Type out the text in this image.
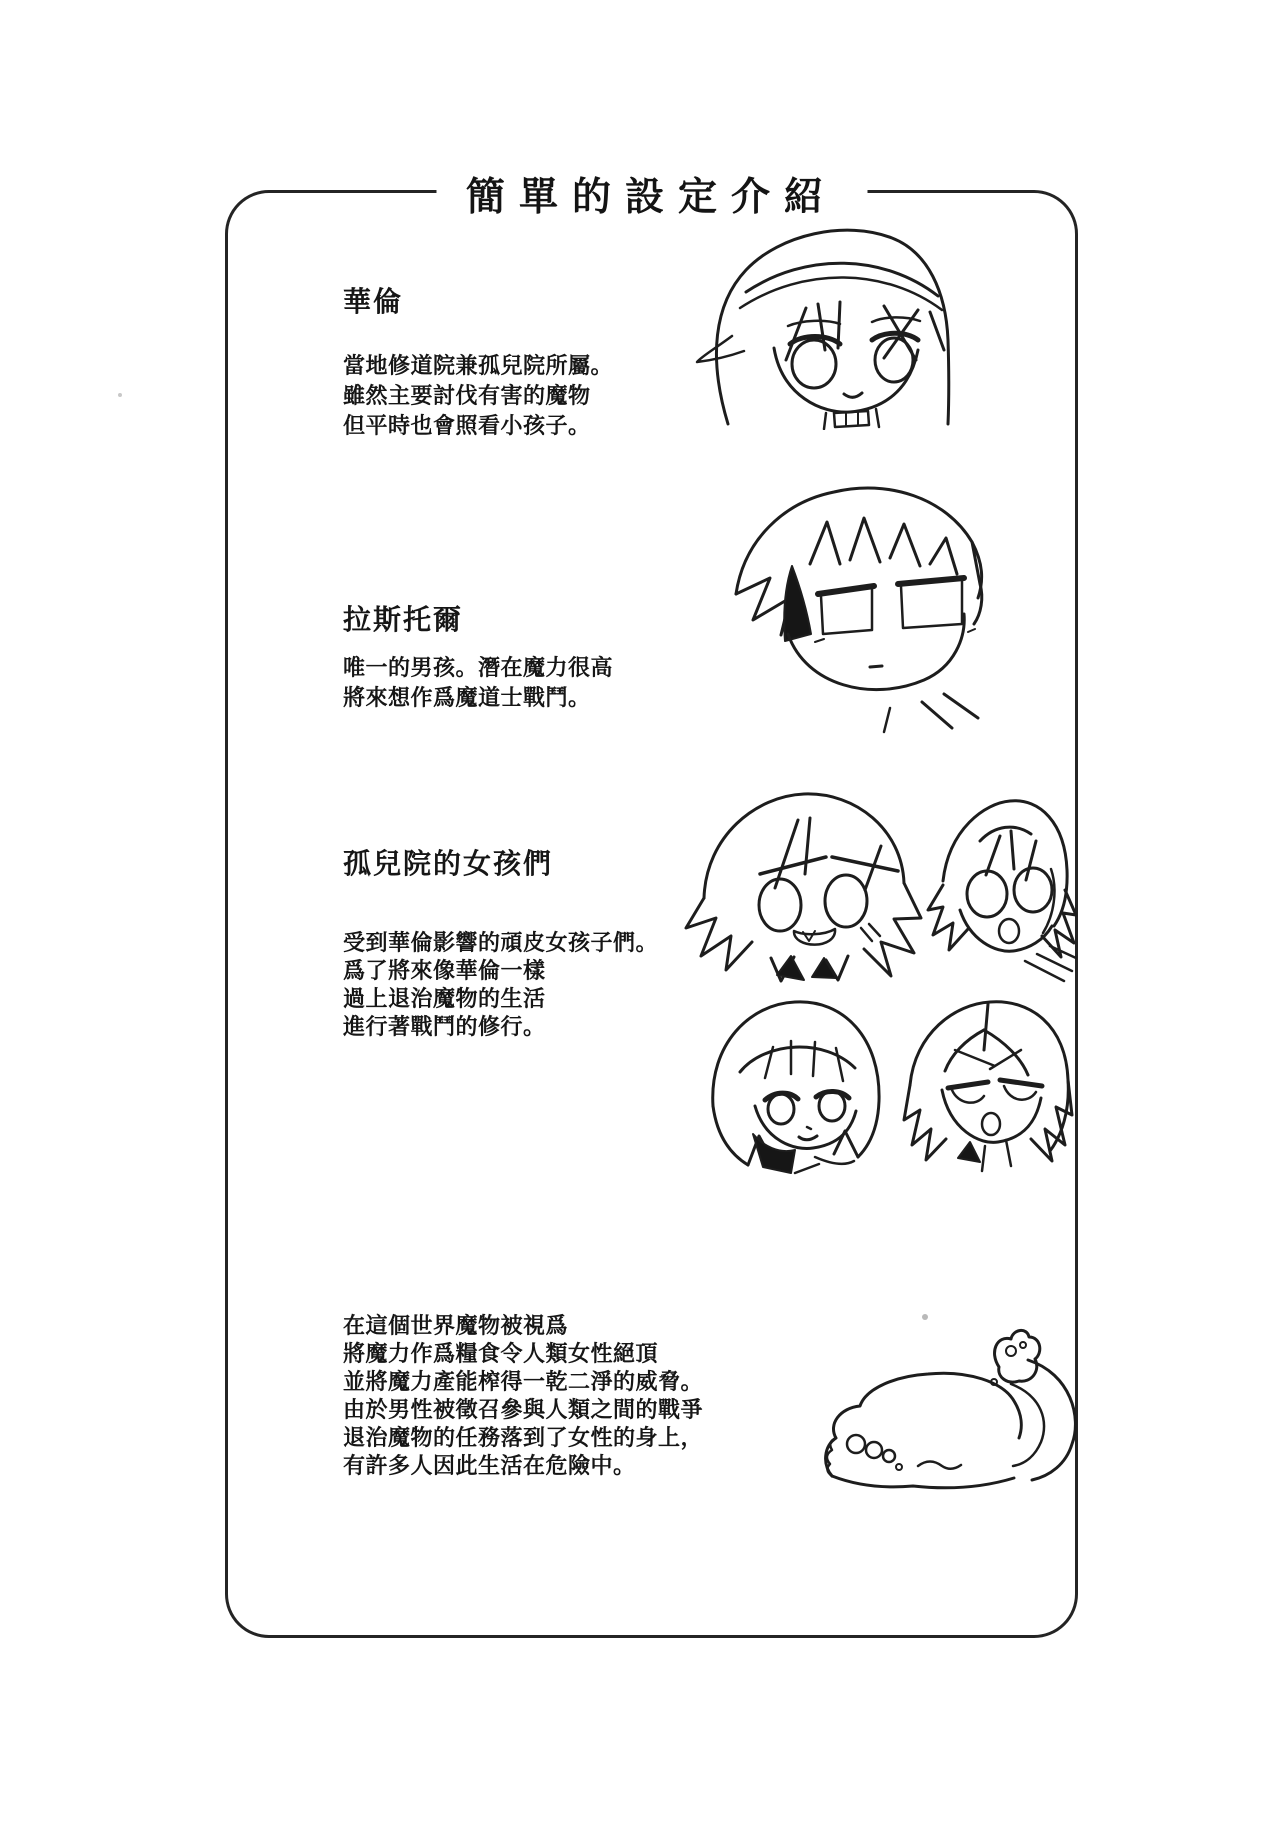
簡單的設定介紹
華倫
當地修道院兼孤兒院所屬。
雖然主要討伐有害的魔物
但平時也會照看小孩子。
拉斯托爾
唯一的男孩。潛在魔力很高
將來想作爲魔道士戰鬥。
孤兒院的女孩們
受到華倫影響的頑皮女孩子們。
爲了將來像華倫一樣
過上退治魔物的生活
進行著戰鬥的修行。
在這個世界魔物被視爲
將魔力作爲糧食令人類女性絕頂
並將魔力產能榨得一乾二淨的威脅。
由於男性被徵召參與人類之間的戰爭
退治魔物的任務落到了女性的身上，
有許多人因此生活在危險中。
